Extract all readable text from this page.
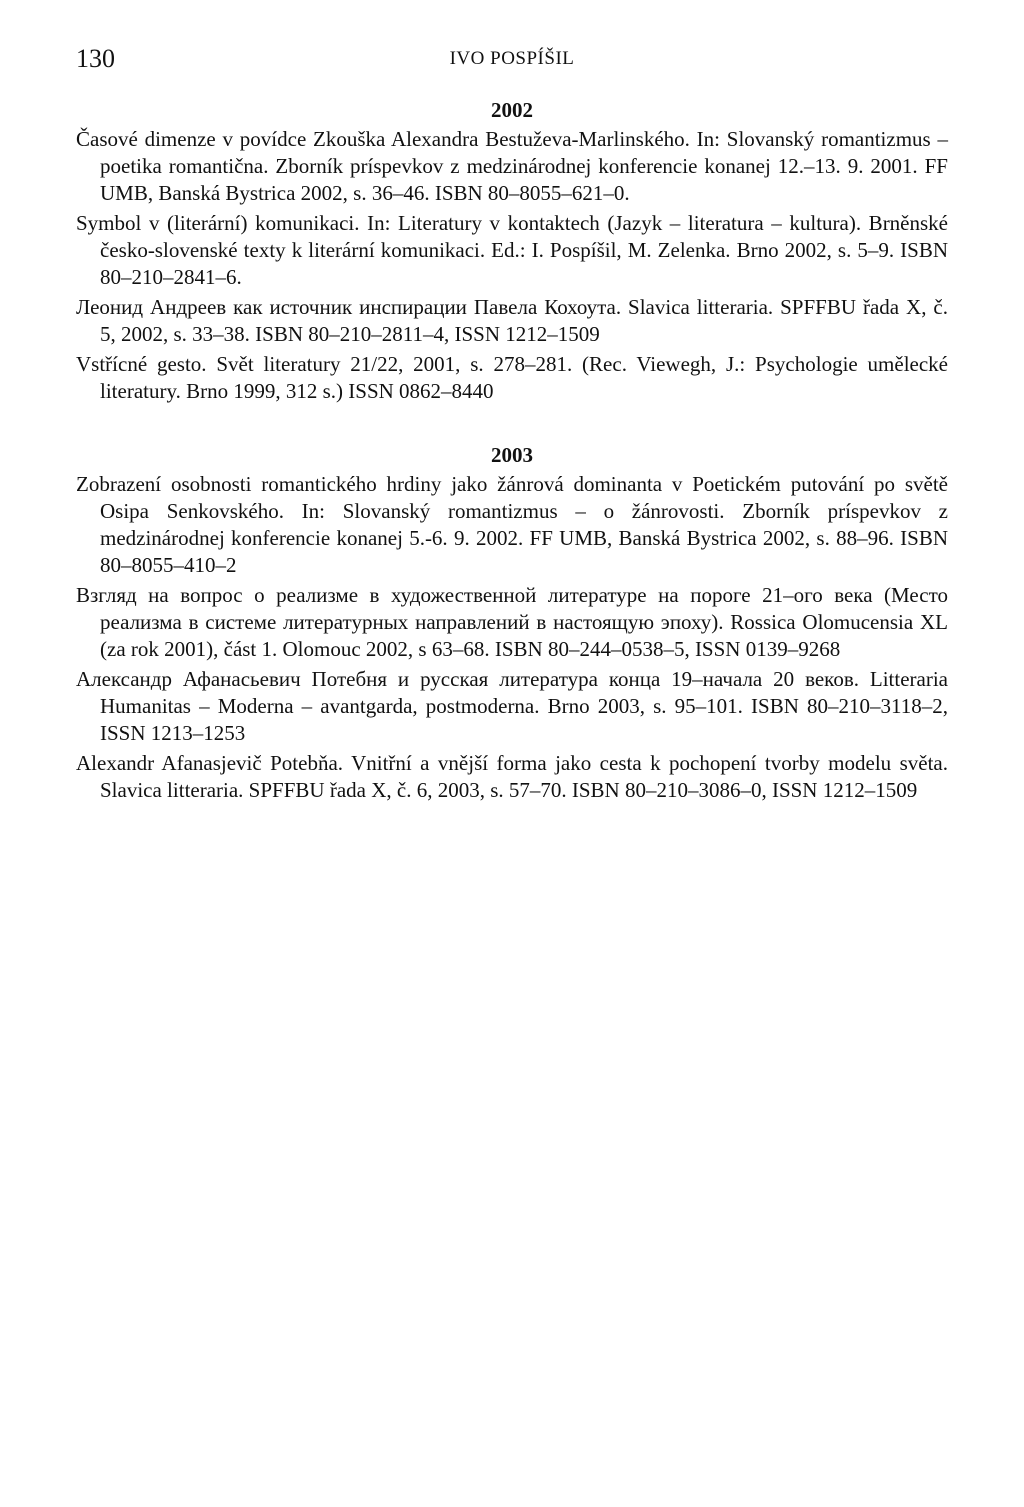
130	IVO POSPÍŠIL
2002
Časové dimenze v povídce Zkouška Alexandra Bestuževa-Marlinského. In: Slovanský romantizmus – poetika romantična. Zborník príspevkov z medzinárodnej konferencie konanej 12.–13. 9. 2001. FF UMB, Banská Bystrica 2002, s. 36–46. ISBN 80–8055–621–0.
Symbol v (literární) komunikaci. In: Literatury v kontaktech (Jazyk – literatura – kultura). Brněnské česko-slovenské texty k literární komunikaci. Ed.: I. Pospíšil, M. Zelenka. Brno 2002, s. 5–9. ISBN 80–210–2841–6.
Леонид Андреев как источник инспирации Павела Кохоута. Slavica litteraria. SPFFBU řada X, č. 5, 2002, s. 33–38. ISBN 80–210–2811–4, ISSN 1212–1509
Vstřícné gesto. Svět literatury 21/22, 2001, s. 278–281. (Rec. Viewegh, J.: Psychologie umělecké literatury. Brno 1999, 312 s.) ISSN 0862–8440
2003
Zobrazení osobnosti romantického hrdiny jako žánrová dominanta v Poetickém putování po světě Osipa Senkovského. In: Slovanský romantizmus – o žánrovosti. Zborník príspevkov z medzinárodnej konferencie konanej 5.-6. 9. 2002. FF UMB, Banská Bystrica 2002, s. 88–96. ISBN 80–8055–410–2
Взгляд на вопрос о реализме в художественной литературе на пороге 21–ого века (Место реализма в системе литературных направлений в настоящую эпоху). Rossica Olomucensia XL (za rok 2001), část 1. Olomouc 2002, s 63–68. ISBN 80–244–0538–5, ISSN 0139–9268
Александр Афанасьевич Потебня и русская литература конца 19–начала 20 веков. Litteraria Humanitas – Moderna – avantgarda, postmoderna. Brno 2003, s. 95–101. ISBN 80–210–3118–2, ISSN 1213–1253
Alexandr Afanasjevič Potebňa. Vnitřní a vnější forma jako cesta k pochopení tvorby modelu světa. Slavica litteraria. SPFFBU řada X, č. 6, 2003, s. 57–70. ISBN 80–210–3086–0, ISSN 1212–1509
